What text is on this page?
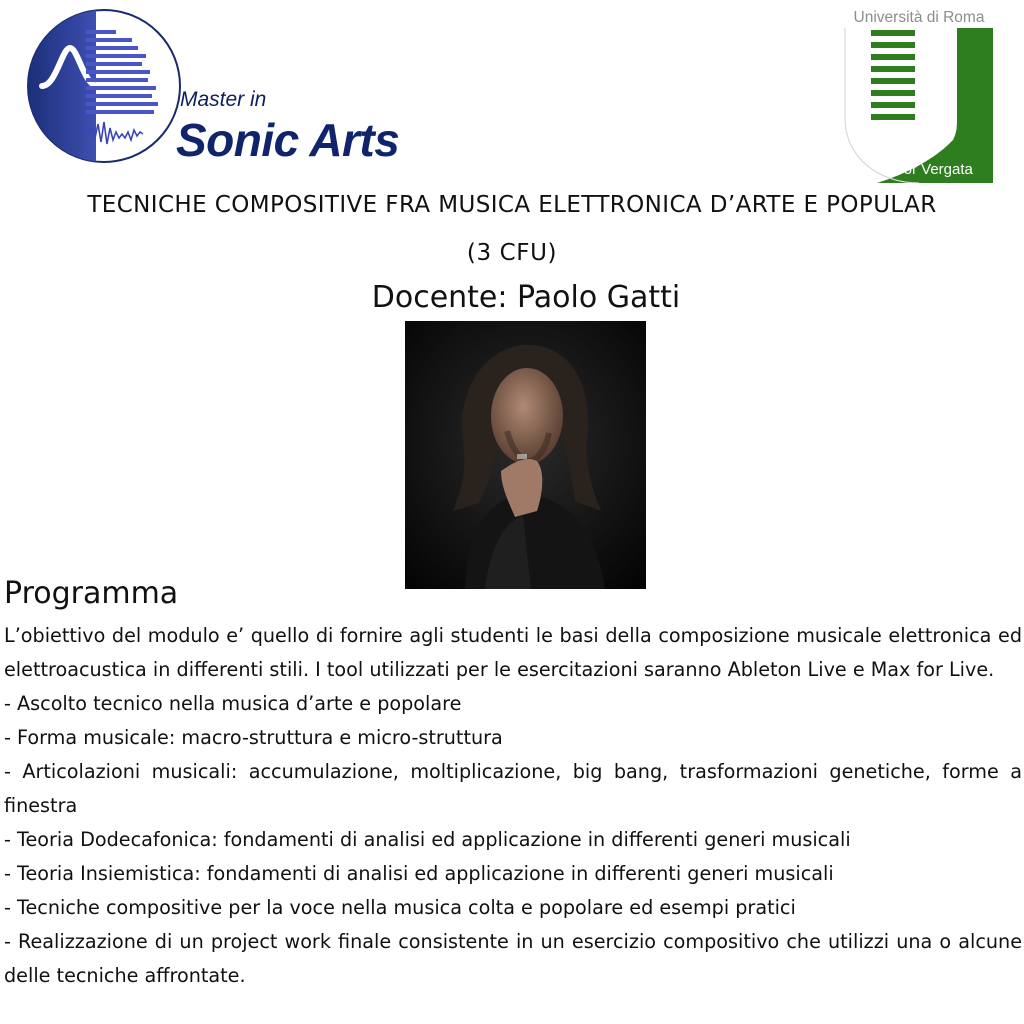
Master in
Sonic Arts
Università di Roma
Tor Vergata
TECNICHE COMPOSITIVE FRA MUSICA ELETTRONICA D’ARTE E POPULAR
(3 CFU)
Docente: Paolo Gatti
Programma

L’obiettivo del modulo e’ quello di fornire agli studenti le basi della composizione musicale elettronica ed elettroacustica in differenti stili. I tool utilizzati per le esercitazioni saranno Ableton Live e Max for Live.

- Ascolto tecnico nella musica d’arte e popolare

- Forma musicale: macro-struttura e micro-struttura

- Articolazioni musicali: accumulazione, moltiplicazione, big bang, trasformazioni genetiche, forme a finestra

- Teoria Dodecafonica: fondamenti di analisi ed applicazione in differenti generi musicali

- Teoria Insiemistica: fondamenti di analisi ed applicazione in differenti generi musicali

- Tecniche compositive per la voce nella musica colta e popolare ed esempi pratici

- Realizzazione di un project work finale consistente in un esercizio compositivo che utilizzi una o alcune delle tecniche affrontate.
